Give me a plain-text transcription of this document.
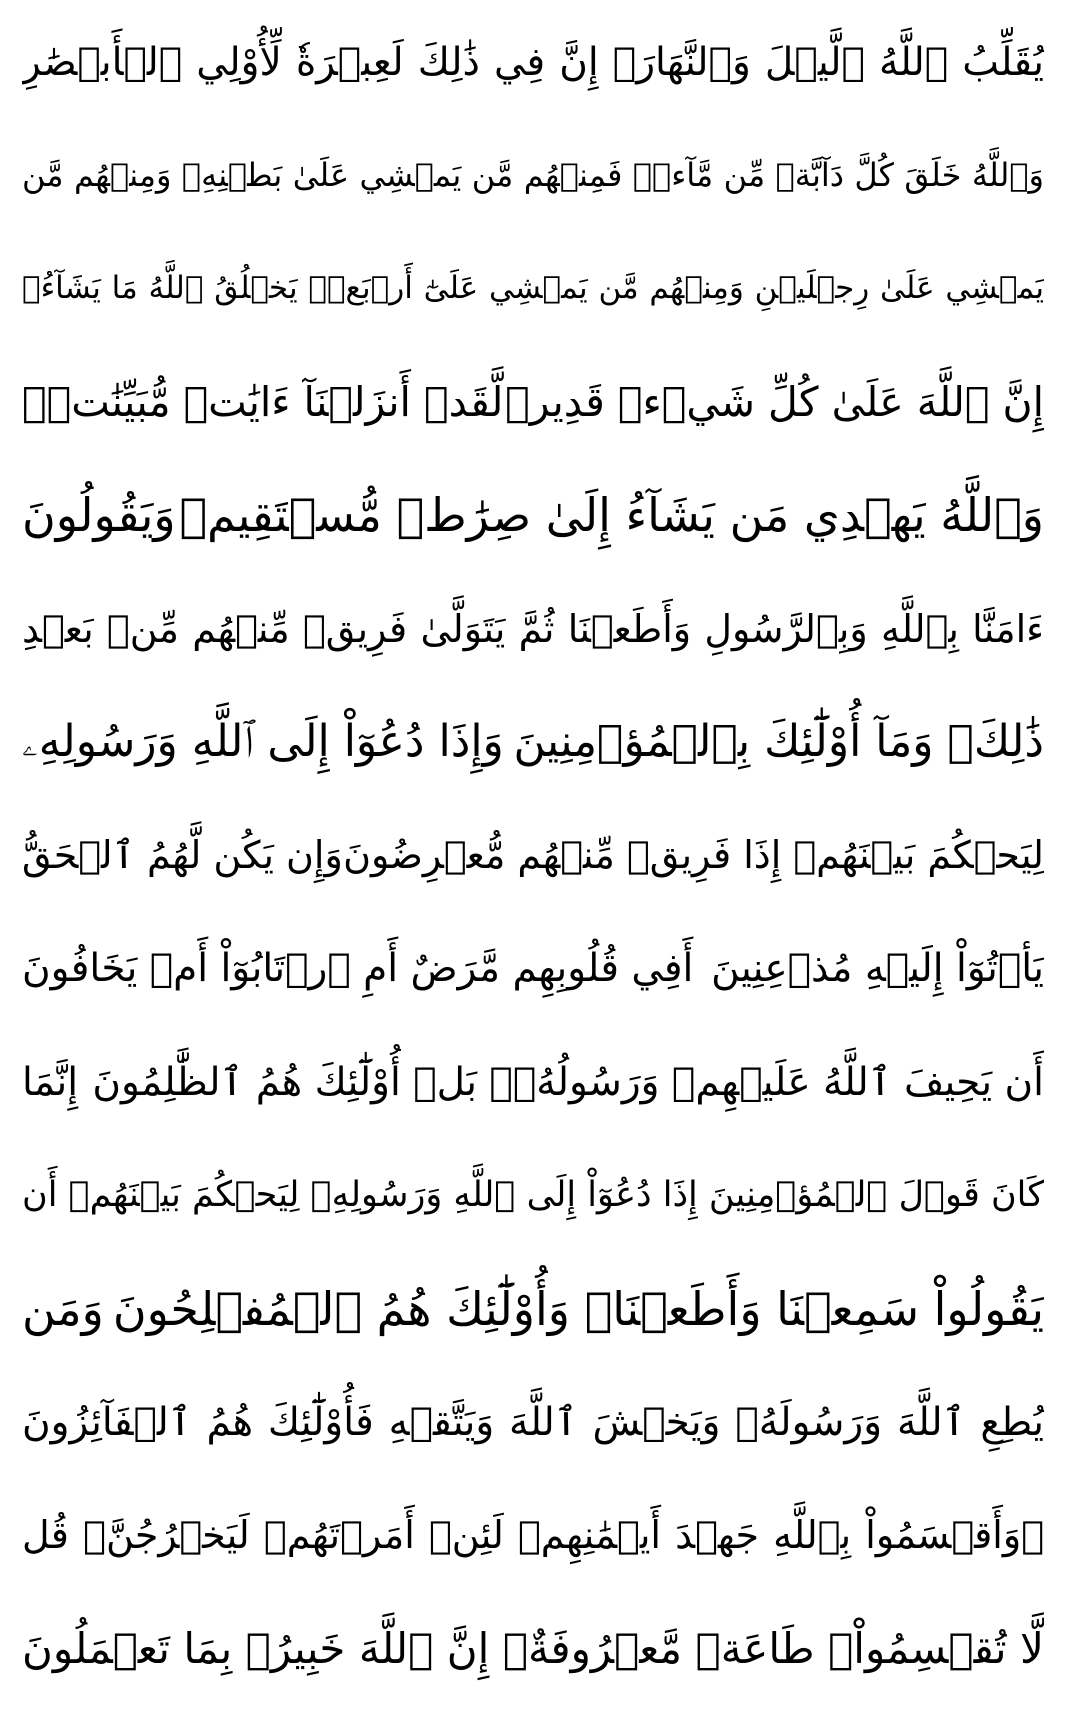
يُقَلِّبُ ٱللَّهُ ٱلَّيۡلَ وَٱلنَّهَارَۚ إِنَّ فِي ذَٰلِكَ لَعِبۡرَةٗ لِّأُوْلِي ٱلۡأَبۡصَٰرِ
وَٱللَّهُ خَلَقَ كُلَّ دَآبَّةٖ مِّن مَّآءٖۖ فَمِنۡهُم مَّن يَمۡشِي عَلَىٰ بَطۡنِهِۦ وَمِنۡهُم مَّن
يَمۡشِي عَلَىٰ رِجۡلَيۡنِ وَمِنۡهُم مَّن يَمۡشِي عَلَىٰٓ أَرۡبَعٖۚ يَخۡلُقُ ٱللَّهُ مَا يَشَآءُۚ
إِنَّ ٱللَّهَ عَلَىٰ كُلِّ شَيۡءٖ قَدِيرٞ
لَّقَدۡ أَنزَلۡنَآ ءَايَٰتٖ مُّبَيِّنَٰتٖۚ
وَٱللَّهُ يَهۡدِي مَن يَشَآءُ إِلَىٰ صِرَٰطٖ مُّسۡتَقِيمٖ
وَيَقُولُونَ
ءَامَنَّا بِٱللَّهِ وَبِٱلرَّسُولِ وَأَطَعۡنَا ثُمَّ يَتَوَلَّىٰ فَرِيقٞ مِّنۡهُم مِّنۢ بَعۡدِ
ذَٰلِكَۚ وَمَآ أُوْلَٰٓئِكَ بِٱلۡمُؤۡمِنِينَ
وَإِذَا دُعُوٓاْ إِلَى ٱللَّهِ وَرَسُولِهِۦ
لِيَحۡكُمَ بَيۡنَهُمۡ إِذَا فَرِيقٞ مِّنۡهُم مُّعۡرِضُونَ
وَإِن يَكُن لَّهُمُ ٱلۡحَقُّ
يَأۡتُوٓاْ إِلَيۡهِ مُذۡعِنِينَ
أَفِي قُلُوبِهِم مَّرَضٌ أَمِ ٱرۡتَابُوٓاْ أَمۡ يَخَافُونَ
أَن يَحِيفَ ٱللَّهُ عَلَيۡهِمۡ وَرَسُولُهُۥۚ بَلۡ أُوْلَٰٓئِكَ هُمُ ٱلظَّٰلِمُونَ
إِنَّمَا
كَانَ قَوۡلَ ٱلۡمُؤۡمِنِينَ إِذَا دُعُوٓاْ إِلَى ٱللَّهِ وَرَسُولِهِۦ لِيَحۡكُمَ بَيۡنَهُمۡ أَن
يَقُولُواْ سَمِعۡنَا وَأَطَعۡنَاۚ وَأُوْلَٰٓئِكَ هُمُ ٱلۡمُفۡلِحُونَ
وَمَن
يُطِعِ ٱللَّهَ وَرَسُولَهُۥ وَيَخۡشَ ٱللَّهَ وَيَتَّقۡهِ فَأُوْلَٰٓئِكَ هُمُ ٱلۡفَآئِزُونَ
۞وَأَقۡسَمُواْ بِٱللَّهِ جَهۡدَ أَيۡمَٰنِهِمۡ لَئِنۡ أَمَرۡتَهُمۡ لَيَخۡرُجُنَّۖ قُل
لَّا تُقۡسِمُواْۖ طَاعَةٞ مَّعۡرُوفَةٌۚ إِنَّ ٱللَّهَ خَبِيرُۢ بِمَا تَعۡمَلُونَ
